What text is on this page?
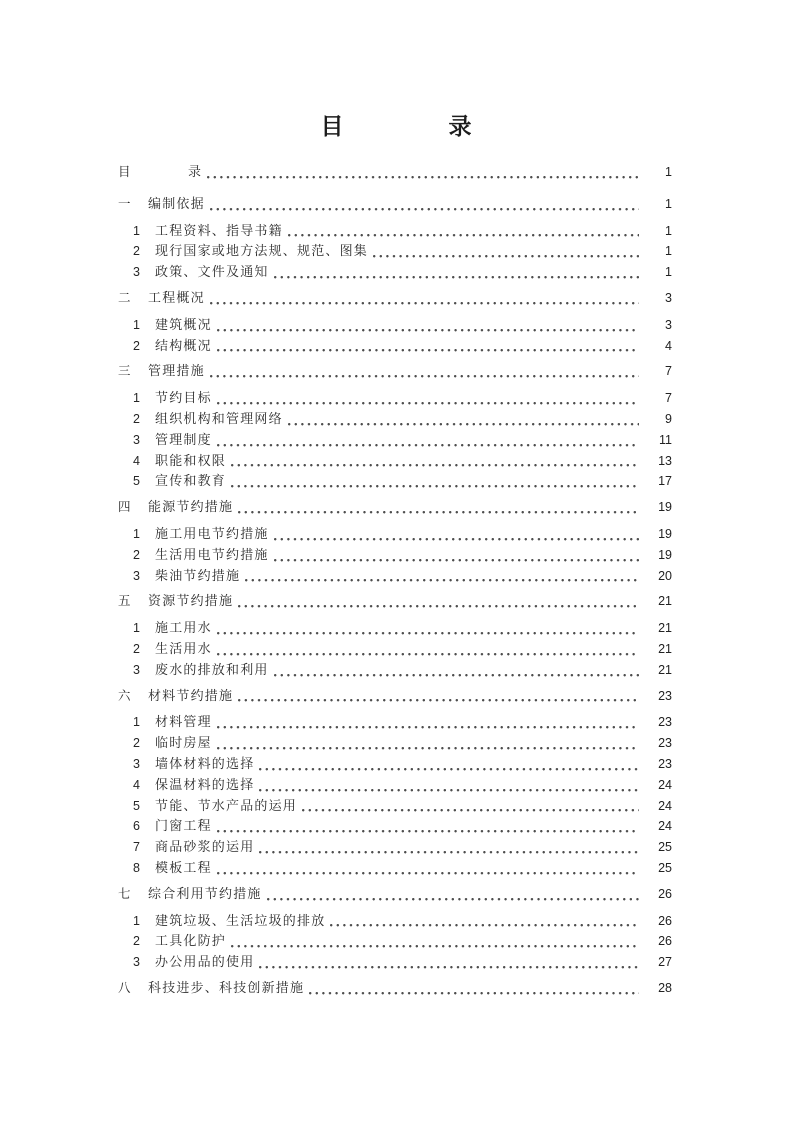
目	录
目	录	1
一	编制依据	1
1	工程资料、指导书籍	1
2	现行国家或地方法规、规范、图集	1
3	政策、文件及通知	1
二	工程概况	3
1	建筑概况	3
2	结构概况	4
三	管理措施	7
1	节约目标	7
2	组织机构和管理网络	9
3	管理制度	11
4	职能和权限	13
5	宣传和教育	17
四	能源节约措施	19
1	施工用电节约措施	19
2	生活用电节约措施	19
3	柴油节约措施	20
五	资源节约措施	21
1	施工用水	21
2	生活用水	21
3	废水的排放和利用	21
六	材料节约措施	23
1	材料管理	23
2	临时房屋	23
3	墙体材料的选择	23
4	保温材料的选择	24
5	节能、节水产品的运用	24
6	门窗工程	24
7	商品砂浆的运用	25
8	模板工程	25
七	综合利用节约措施	26
1	建筑垃圾、生活垃圾的排放	26
2	工具化防护	26
3	办公用品的使用	27
八	科技进步、科技创新措施	28
